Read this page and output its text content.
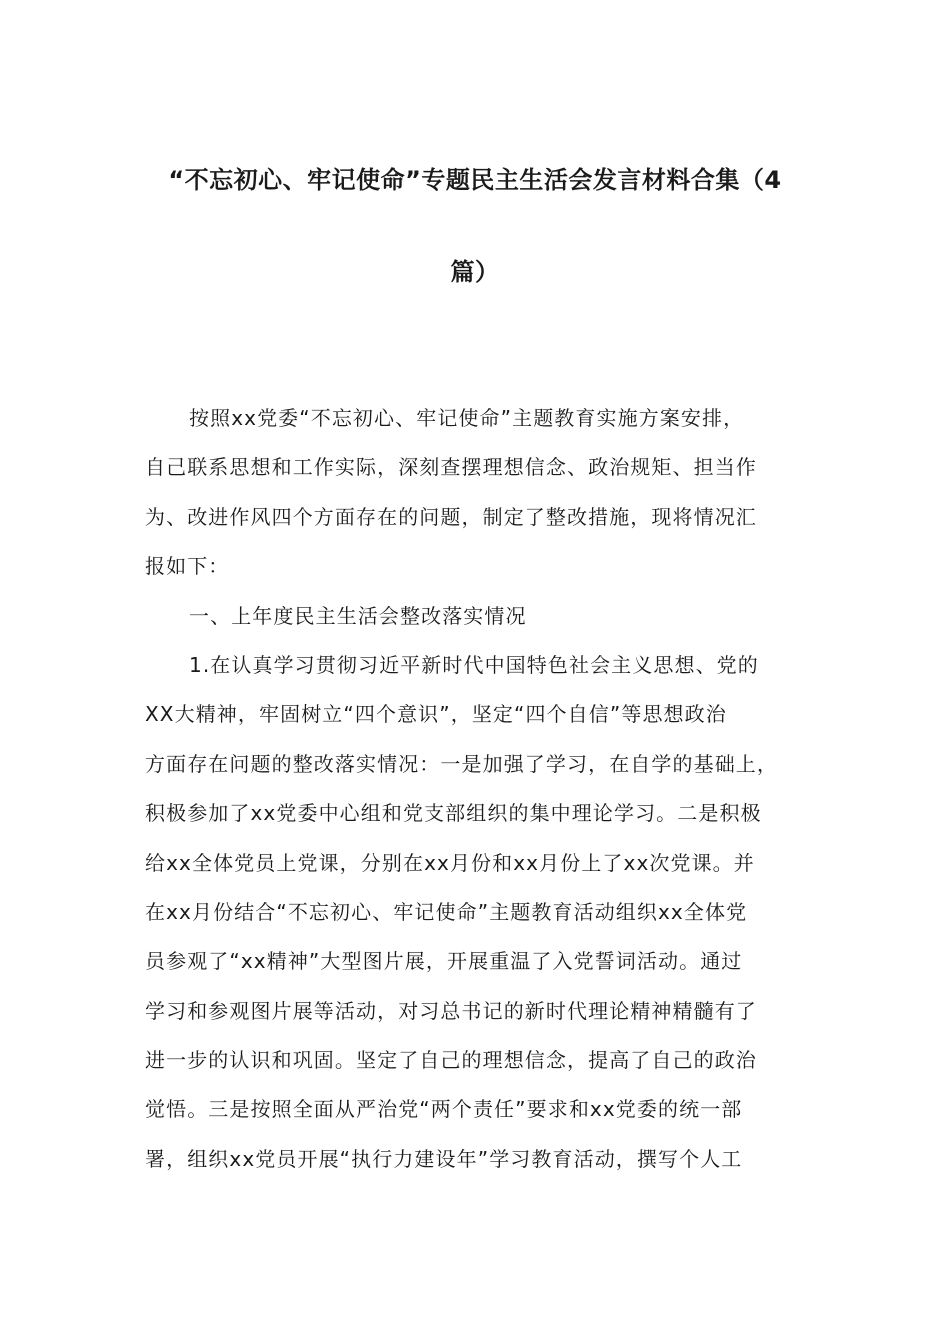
“不忘初心、牢记使命”专题民主生活会发言材料合集（4
篇）
按照xx党委“不忘初心、牢记使命”主题教育实施方案安排，
自己联系思想和工作实际，深刻查摆理想信念、政治规矩、担当作
为、改进作风四个方面存在的问题，制定了整改措施，现将情况汇
报如下：
一、上年度民主生活会整改落实情况
1.在认真学习贯彻习近平新时代中国特色社会主义思想、党的
XX大精神，牢固树立“四个意识”，坚定“四个自信”等思想政治
方面存在问题的整改落实情况：一是加强了学习，在自学的基础上，
积极参加了xx党委中心组和党支部组织的集中理论学习。二是积极
给xx全体党员上党课，分别在xx月份和xx月份上了xx次党课。并
在xx月份结合“不忘初心、牢记使命”主题教育活动组织xx全体党
员参观了“xx精神”大型图片展，开展重温了入党誓词活动。通过
学习和参观图片展等活动，对习总书记的新时代理论精神精髓有了
进一步的认识和巩固。坚定了自己的理想信念，提高了自己的政治
觉悟。三是按照全面从严治党“两个责任”要求和xx党委的统一部
署，组织xx党员开展“执行力建设年”学习教育活动，撰写个人工
